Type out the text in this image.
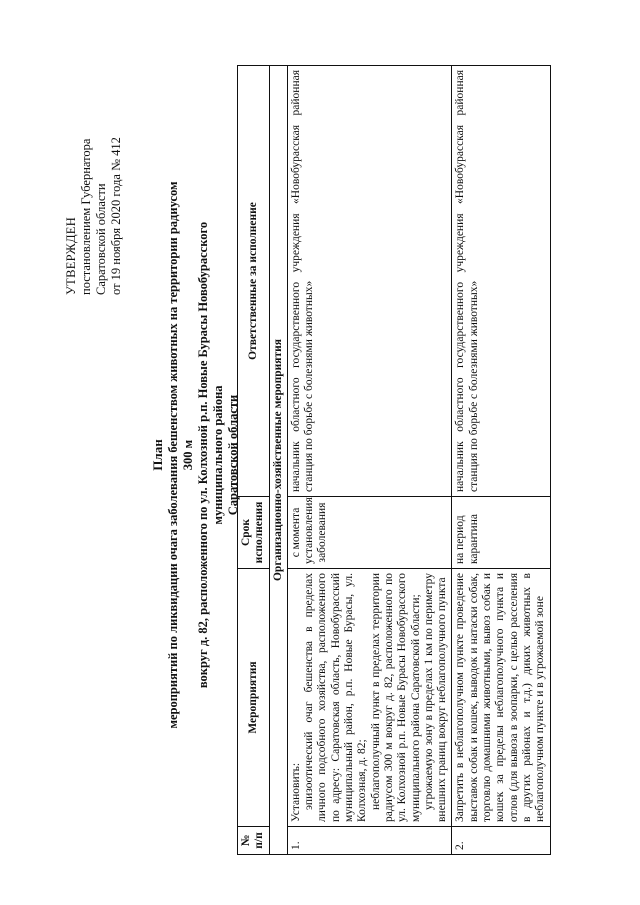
УТВЕРЖДЕН постановлением Губернатора Саратовской области от 19 ноября 2020 года № 412
План мероприятий по ликвидации очага заболевания бешенством животных на территории радиусом 300 м вокруг д. 82, расположенного по ул. Колхозной р.п. Новые Бурасы Новобурасского муниципального района Саратовской области
№ п/п	Мероприятия	Срок исполнения	Ответственные за исполнение
Организационно-хозяйственные мероприятия			
1.	Установить: эпизоотический очаг бешенства в пределах личного подсобного хозяйства, расположенного по адресу: Саратовская область, Новобурасский муниципальный район, р.п. Новые Бурасы, ул. Колхозная, д. 82; неблагополучный пункт в пределах территории радиусом 300 м вокруг д. 82, расположенного по ул. Колхозной р.п. Новые Бурасы Новобурасского муниципального района Саратовской области; угрожаемую зону в пределах 1 км по периметру внешних границ вокруг неблагополучного пункта	с момента установления заболевания	начальник областного государственного учреждения «Новобурасская районная станция по борьбе с болезнями животных»
2.	Запретить в неблагополучном пункте проведение выставок собак и кошек, выводок и натаски собак, торговлю домашними животными, вывоз собак и кошек за пределы неблагополучного пункта и отлов (для вывоза в зоопарки, с целью расселения в других районах и т.д.) диких животных в неблагополучном пункте и в угрожаемой зоне	на период карантина	начальник областного государственного учреждения «Новобурасская районная станция по борьбе с болезнями животных»
